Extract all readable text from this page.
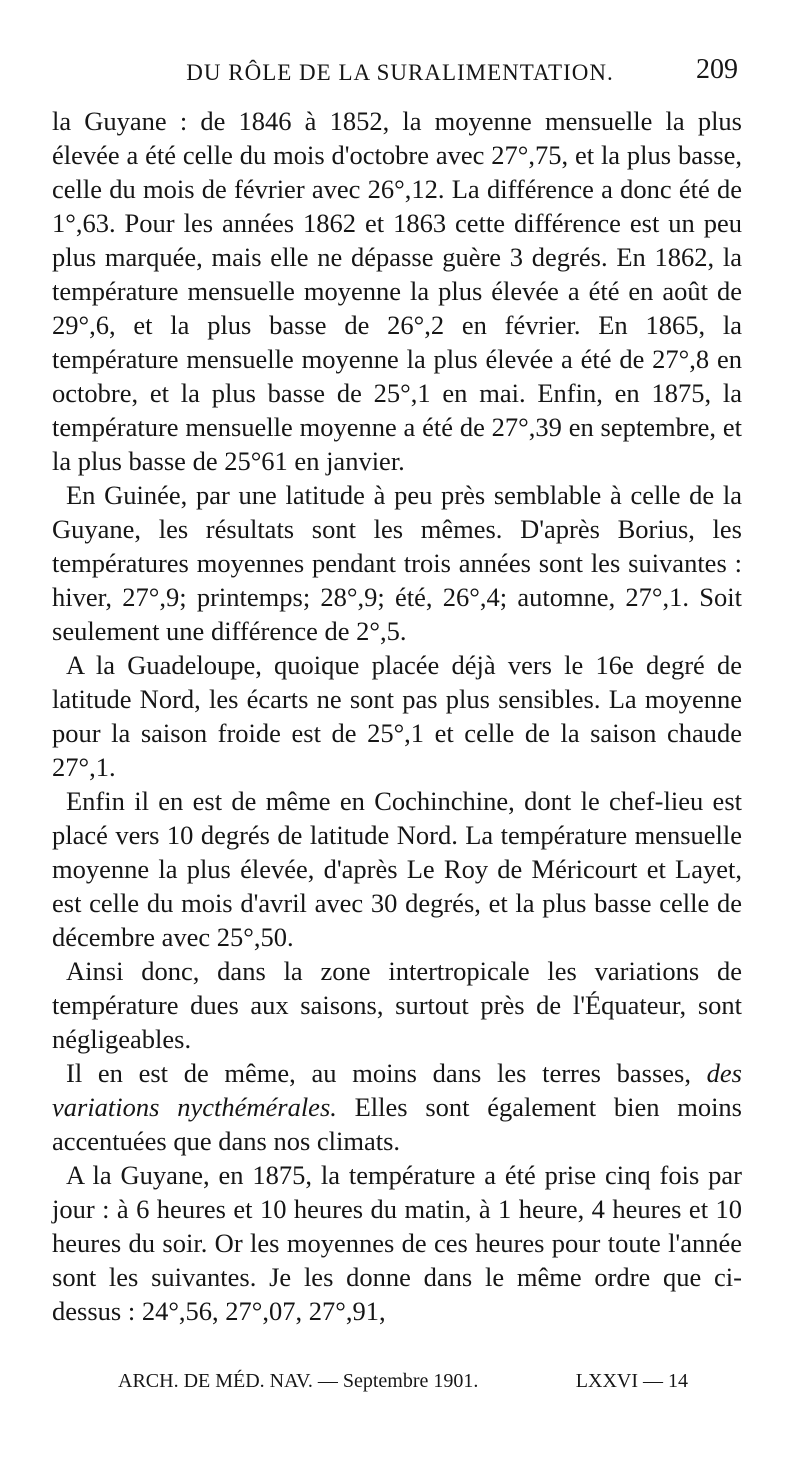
DU RÔLE DE LA SURALIMENTATION.	209

la Guyane : de 1846 à 1852, la moyenne mensuelle la plus élevée a été celle du mois d'octobre avec 27°,75, et la plus basse, celle du mois de février avec 26°,12. La différence a donc été de 1°,63. Pour les années 1862 et 1863 cette différence est un peu plus marquée, mais elle ne dépasse guère 3 degrés. En 1862, la température mensuelle moyenne la plus élevée a été en août de 29°,6, et la plus basse de 26°,2 en février. En 1865, la température mensuelle moyenne la plus élevée a été de 27°,8 en octobre, et la plus basse de 25°,1 en mai. Enfin, en 1875, la température mensuelle moyenne a été de 27°,39 en septembre, et la plus basse de 25°61 en janvier.

En Guinée, par une latitude à peu près semblable à celle de la Guyane, les résultats sont les mêmes. D'après Borius, les températures moyennes pendant trois années sont les suivantes : hiver, 27°,9; printemps; 28°,9; été, 26°,4; automne, 27°,1. Soit seulement une différence de 2°,5.

A la Guadeloupe, quoique placée déjà vers le 16e degré de latitude Nord, les écarts ne sont pas plus sensibles. La moyenne pour la saison froide est de 25°,1 et celle de la saison chaude 27°,1.

Enfin il en est de même en Cochinchine, dont le chef-lieu est placé vers 10 degrés de latitude Nord. La température mensuelle moyenne la plus élevée, d'après Le Roy de Méricourt et Layet, est celle du mois d'avril avec 30 degrés, et la plus basse celle de décembre avec 25°,50.

Ainsi donc, dans la zone intertropicale les variations de température dues aux saisons, surtout près de l'Équateur, sont négligeables.

Il en est de même, au moins dans les terres basses, des variations nycthémérales. Elles sont également bien moins accentuées que dans nos climats.

A la Guyane, en 1875, la température a été prise cinq fois par jour : à 6 heures et 10 heures du matin, à 1 heure, 4 heures et 10 heures du soir. Or les moyennes de ces heures pour toute l'année sont les suivantes. Je les donne dans le même ordre que ci-dessus : 24°,56, 27°,07, 27°,91,

ARCH. DE MÉD. NAV. — Septembre 1901.	LXXVI — 14
